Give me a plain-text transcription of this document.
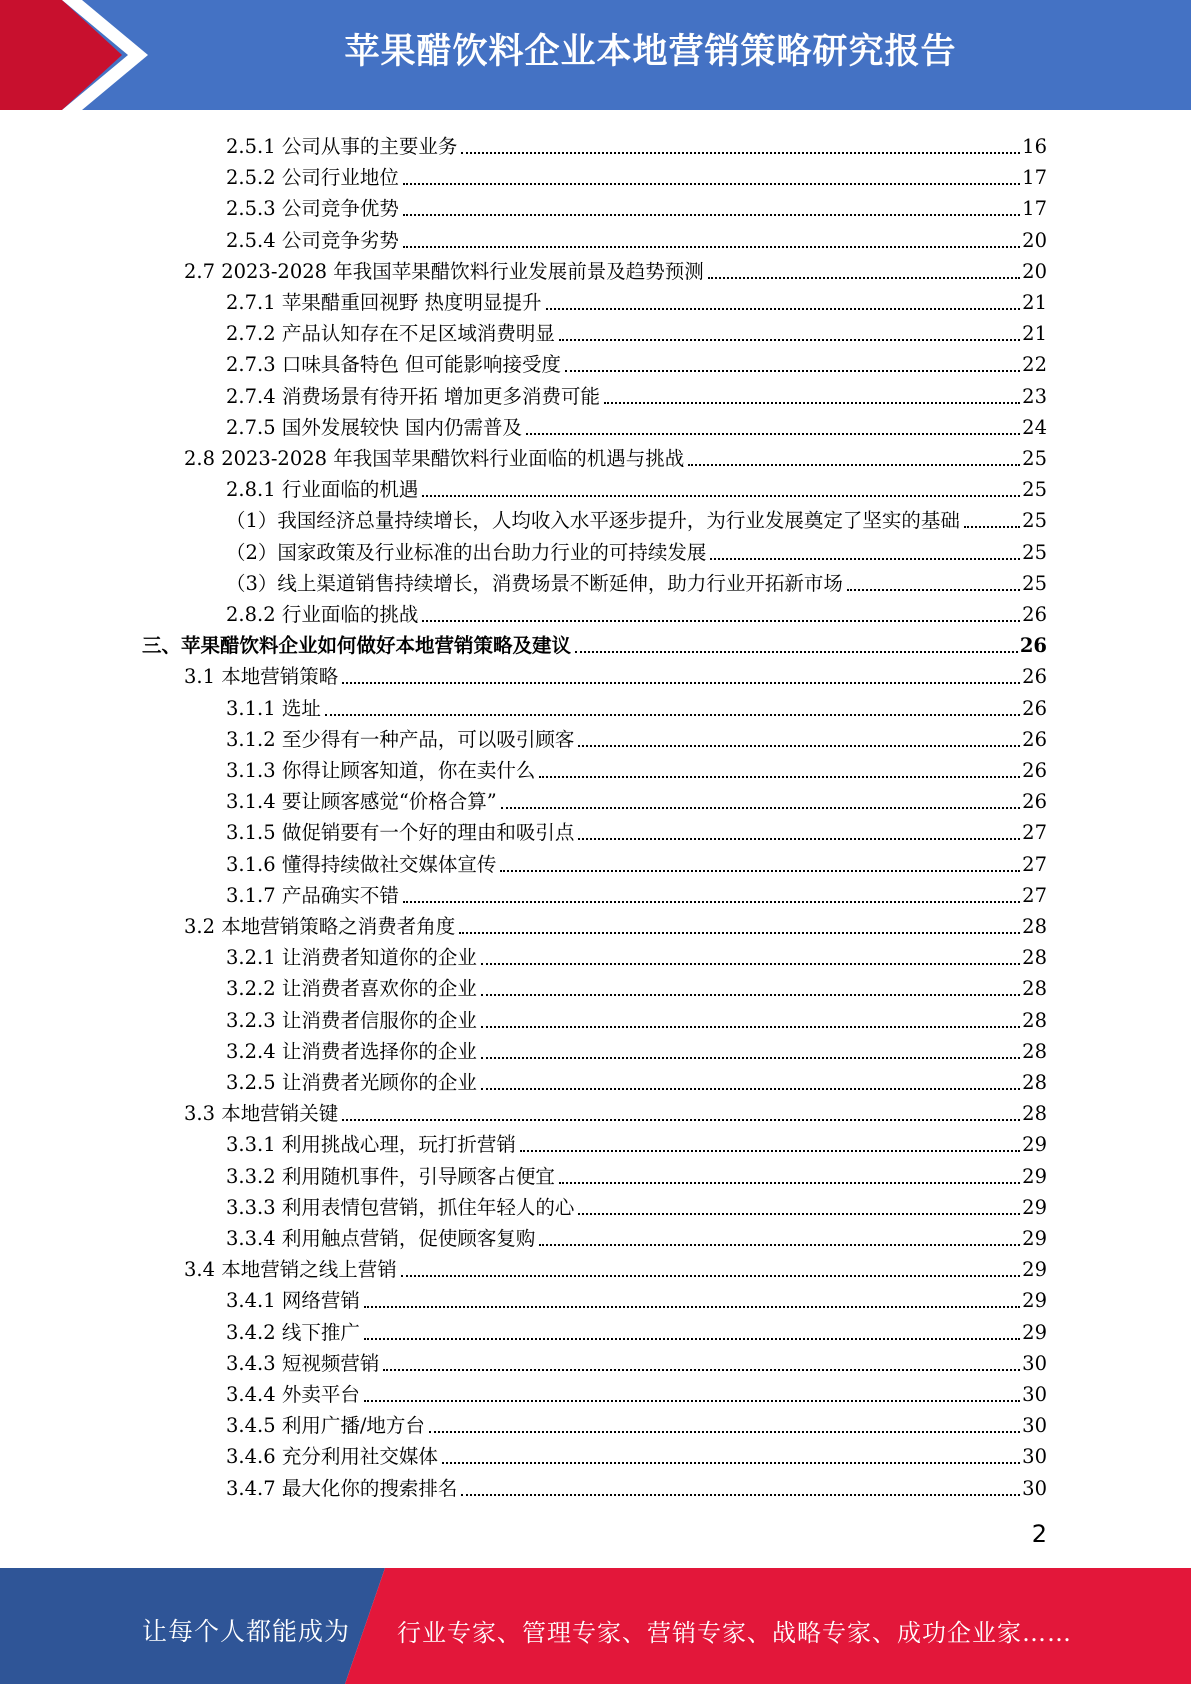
苹果醋饮料企业本地营销策略研究报告
2.5.1 公司从事的主要业务	16
2.5.2 公司行业地位	17
2.5.3 公司竞争优势	17
2.5.4 公司竞争劣势	20
2.7 2023-2028 年我国苹果醋饮料行业发展前景及趋势预测	20
2.7.1 苹果醋重回视野 热度明显提升	21
2.7.2 产品认知存在不足区域消费明显	21
2.7.3 口味具备特色 但可能影响接受度	22
2.7.4 消费场景有待开拓 增加更多消费可能	23
2.7.5 国外发展较快 国内仍需普及	24
2.8 2023-2028 年我国苹果醋饮料行业面临的机遇与挑战	25
2.8.1 行业面临的机遇	25
（1）我国经济总量持续增长，人均收入水平逐步提升，为行业发展奠定了坚实的基础	25
（2）国家政策及行业标准的出台助力行业的可持续发展	25
（3）线上渠道销售持续增长，消费场景不断延伸，助力行业开拓新市场	25
2.8.2 行业面临的挑战	26
三、苹果醋饮料企业如何做好本地营销策略及建议	26
3.1 本地营销策略	26
3.1.1 选址	26
3.1.2 至少得有一种产品，可以吸引顾客	26
3.1.3 你得让顾客知道，你在卖什么	26
3.1.4 要让顾客感觉“价格合算”	26
3.1.5 做促销要有一个好的理由和吸引点	27
3.1.6 懂得持续做社交媒体宣传	27
3.1.7 产品确实不错	27
3.2 本地营销策略之消费者角度	28
3.2.1 让消费者知道你的企业	28
3.2.2 让消费者喜欢你的企业	28
3.2.3 让消费者信服你的企业	28
3.2.4 让消费者选择你的企业	28
3.2.5 让消费者光顾你的企业	28
3.3 本地营销关键	28
3.3.1 利用挑战心理，玩打折营销	29
3.3.2 利用随机事件，引导顾客占便宜	29
3.3.3 利用表情包营销，抓住年轻人的心	29
3.3.4 利用触点营销，促使顾客复购	29
3.4 本地营销之线上营销	29
3.4.1 网络营销	29
3.4.2 线下推广	29
3.4.3 短视频营销	30
3.4.4 外卖平台	30
3.4.5 利用广播/地方台	30
3.4.6 充分利用社交媒体	30
3.4.7 最大化你的搜索排名	30
2
让每个人都能成为 行业专家、管理专家、营销专家、战略专家、成功企业家……
